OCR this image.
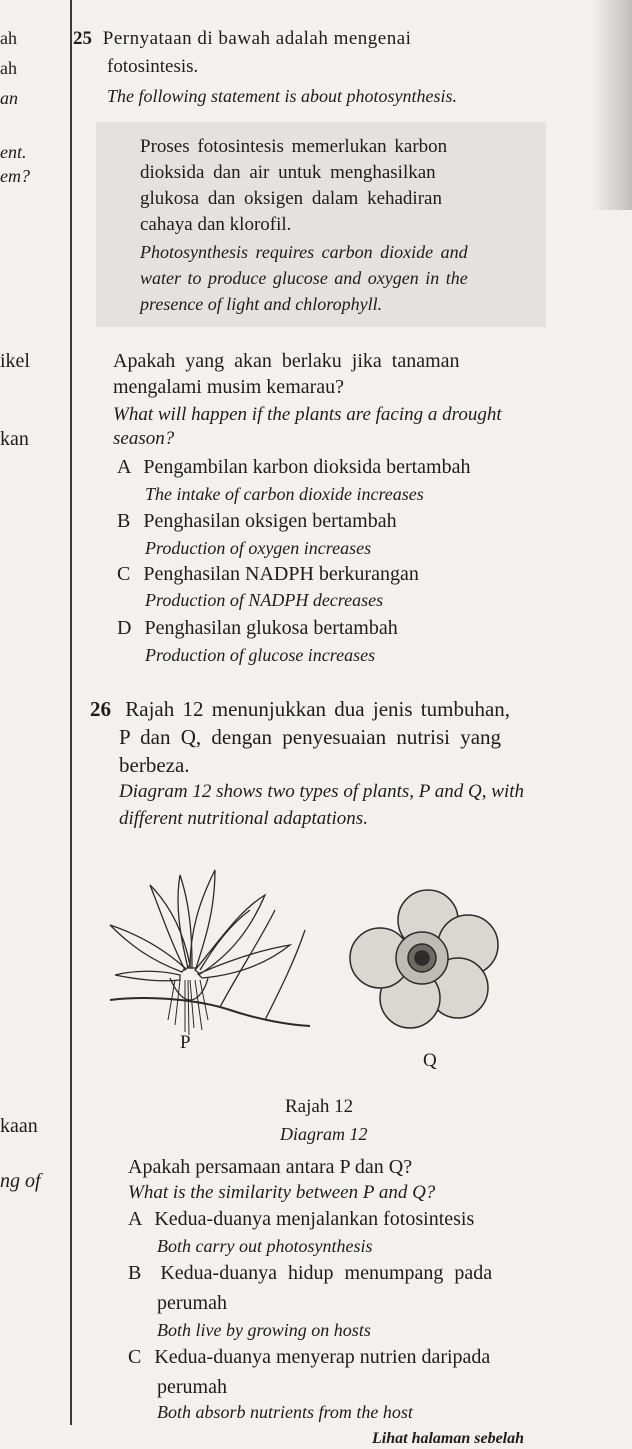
ah
ah
an
ent.
em?
ikel
kan
kaan
ng of
25 Pernyataan di bawah adalah mengenai
fotosintesis.
The following statement is about photosynthesis.
Proses fotosintesis memerlukan karbon
dioksida dan air untuk menghasilkan
glukosa dan oksigen dalam kehadiran
cahaya dan klorofil.
Photosynthesis requires carbon dioxide and
water to produce glucose and oxygen in the
presence of light and chlorophyll.
Apakah yang akan berlaku jika tanaman
mengalami musim kemarau?
What will happen if the plants are facing a drought
season?
A Pengambilan karbon dioksida bertambah
The intake of carbon dioxide increases
B Penghasilan oksigen bertambah
Production of oxygen increases
C Penghasilan NADPH berkurangan
Production of NADPH decreases
D Penghasilan glukosa bertambah
Production of glucose increases
26 Rajah 12 menunjukkan dua jenis tumbuhan,
P dan Q, dengan penyesuaian nutrisi yang
berbeza.
Diagram 12 shows two types of plants, P and Q, with
different nutritional adaptations.
P
Q
Rajah 12
Diagram 12
Apakah persamaan antara P dan Q?
What is the similarity between P and Q?
A Kedua-duanya menjalankan fotosintesis
Both carry out photosynthesis
B Kedua-duanya hidup menumpang pada
perumah
Both live by growing on hosts
C Kedua-duanya menyerap nutrien daripada
perumah
Both absorb nutrients from the host
Lihat halaman sebelah
